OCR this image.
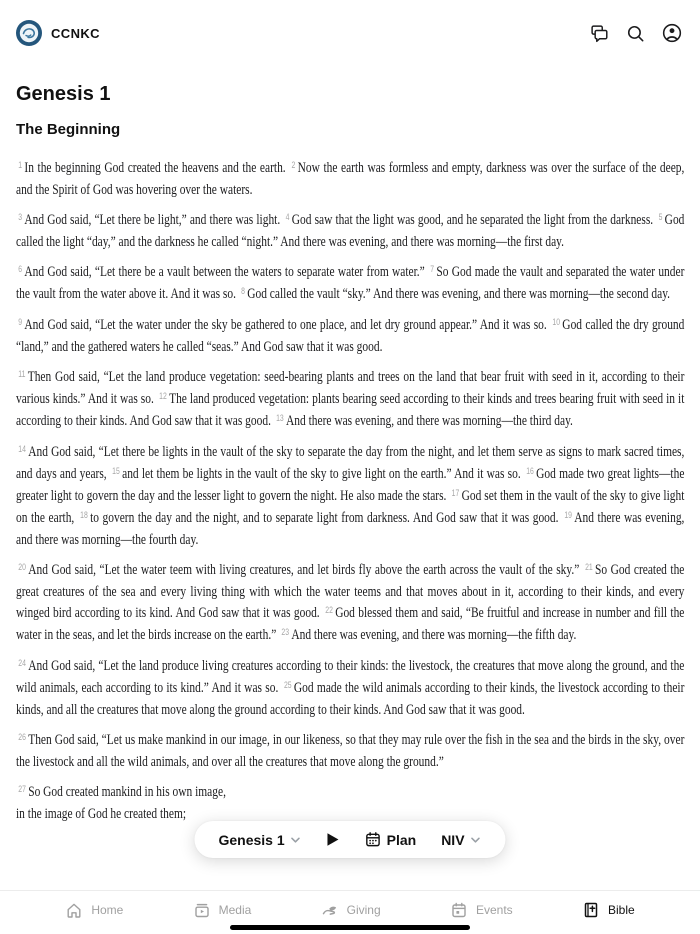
CCNKC
Genesis 1
The Beginning

$^1$ In the beginning God created the heavens and the earth. $^2$ Now the earth was formless and empty, darkness was over the surface of the deep, and the Spirit of God was hovering over the waters.

$^3$ And God said, “Let there be light,” and there was light. $^4$ God saw that the light was good, and he separated the light from the darkness. $^5$ God called the light “day,” and the darkness he called “night.” And there was evening, and there was morning—the first day.

$^6$ And God said, “Let there be a vault between the waters to separate water from water.” $^7$ So God made the vault and separated the water under the vault from the water above it. And it was so. $^8$ God called the vault “sky.” And there was evening, and there was morning—the second day.

$^9$ And God said, “Let the water under the sky be gathered to one place, and let dry ground appear.” And it was so. $^{10}$ God called the dry ground “land,” and the gathered waters he called “seas.” And God saw that it was good.

$^{11}$ Then God said, “Let the land produce vegetation: seed-bearing plants and trees on the land that bear fruit with seed in it, according to their various kinds.” And it was so. $^{12}$ The land produced vegetation: plants bearing seed according to their kinds and trees bearing fruit with seed in it according to their kinds. And God saw that it was good. $^{13}$ And there was evening, and there was morning—the third day.

$^{14}$ And God said, “Let there be lights in the vault of the sky to separate the day from the night, and let them serve as signs to mark sacred times, and days and years, $^{15}$ and let them be lights in the vault of the sky to give light on the earth.” And it was so. $^{16}$ God made two great lights—the greater light to govern the day and the lesser light to govern the night. He also made the stars. $^{17}$ God set them in the vault of the sky to give light on the earth, $^{18}$ to govern the day and the night, and to separate light from darkness. And God saw that it was good. $^{19}$ And there was evening, and there was morning—the fourth day.

$^{20}$ And God said, “Let the water teem with living creatures, and let birds fly above the earth across the vault of the sky.” $^{21}$ So God created the great creatures of the sea and every living thing with which the water teems and that moves about in it, according to their kinds, and every winged bird according to its kind. And God saw that it was good. $^{22}$ God blessed them and said, “Be fruitful and increase in number and fill the water in the seas, and let the birds increase on the earth.” $^{23}$ And there was evening, and there was morning—the fifth day.

$^{24}$ And God said, “Let the land produce living creatures according to their kinds: the livestock, the creatures that move along the ground, and the wild animals, each according to its kind.” And it was so. $^{25}$ God made the wild animals according to their kinds, the livestock according to their kinds, and all the creatures that move along the ground according to their kinds. And God saw that it was good.

$^{26}$ Then God said, “Let us make mankind in our image, in our likeness, so that they may rule over the fish in the sea and the birds in the sky, over the livestock and all the wild animals, and over all the creatures that move along the ground.”

$^{27}$ So God created mankind in his own image,
in the image of God he created them;

Genesis 1	Plan NIV
Home	Media	Giving	Events	Bible
